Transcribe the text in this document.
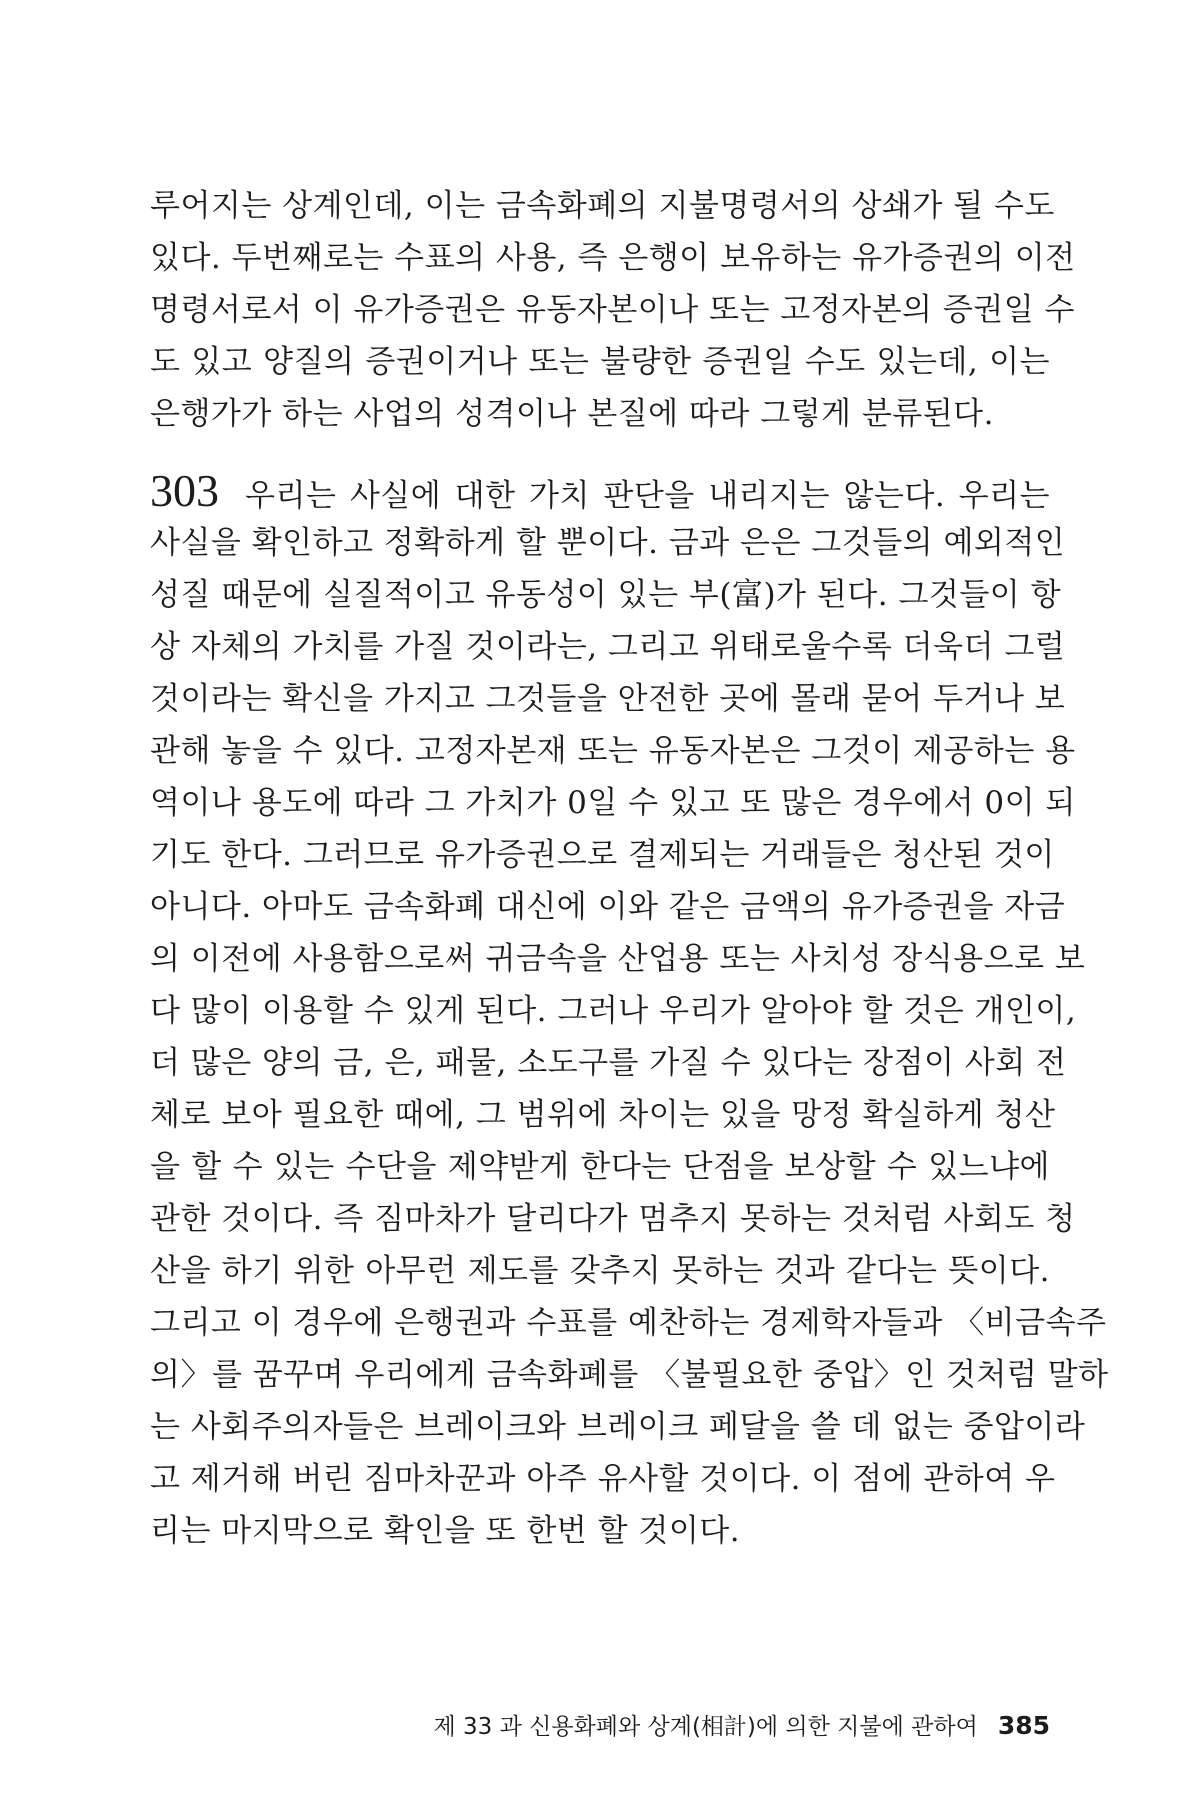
루어지는 상계인데, 이는 금속화폐의 지불명령서의 상쇄가 될 수도
있다. 두번째로는 수표의 사용, 즉 은행이 보유하는 유가증권의 이전
명령서로서 이 유가증권은 유동자본이나 또는 고정자본의 증권일 수
도 있고 양질의 증권이거나 또는 불량한 증권일 수도 있는데, 이는
은행가가 하는 사업의 성격이나 본질에 따라 그렇게 분류된다.
303 우리는 사실에 대한 가치 판단을 내리지는 않는다. 우리는
사실을 확인하고 정확하게 할 뿐이다. 금과 은은 그것들의 예외적인
성질 때문에 실질적이고 유동성이 있는 부(富)가 된다. 그것들이 항
상 자체의 가치를 가질 것이라는, 그리고 위태로울수록 더욱더 그럴
것이라는 확신을 가지고 그것들을 안전한 곳에 몰래 묻어 두거나 보
관해 놓을 수 있다. 고정자본재 또는 유동자본은 그것이 제공하는 용
역이나 용도에 따라 그 가치가 0일 수 있고 또 많은 경우에서 0이 되
기도 한다. 그러므로 유가증권으로 결제되는 거래들은 청산된 것이
아니다. 아마도 금속화폐 대신에 이와 같은 금액의 유가증권을 자금
의 이전에 사용함으로써 귀금속을 산업용 또는 사치성 장식용으로 보
다 많이 이용할 수 있게 된다. 그러나 우리가 알아야 할 것은 개인이,
더 많은 양의 금, 은, 패물, 소도구를 가질 수 있다는 장점이 사회 전
체로 보아 필요한 때에, 그 범위에 차이는 있을 망정 확실하게 청산
을 할 수 있는 수단을 제약받게 한다는 단점을 보상할 수 있느냐에
관한 것이다. 즉 짐마차가 달리다가 멈추지 못하는 것처럼 사회도 청
산을 하기 위한 아무런 제도를 갖추지 못하는 것과 같다는 뜻이다.
그리고 이 경우에 은행권과 수표를 예찬하는 경제학자들과 〈비금속주
의〉를 꿈꾸며 우리에게 금속화폐를 〈불필요한 중압〉인 것처럼 말하
는 사회주의자들은 브레이크와 브레이크 페달을 쓸 데 없는 중압이라
고 제거해 버린 짐마차꾼과 아주 유사할 것이다. 이 점에 관하여 우
리는 마지막으로 확인을 또 한번 할 것이다.
제 33 과 신용화폐와 상계(相計)에 의한 지불에 관하여 385
